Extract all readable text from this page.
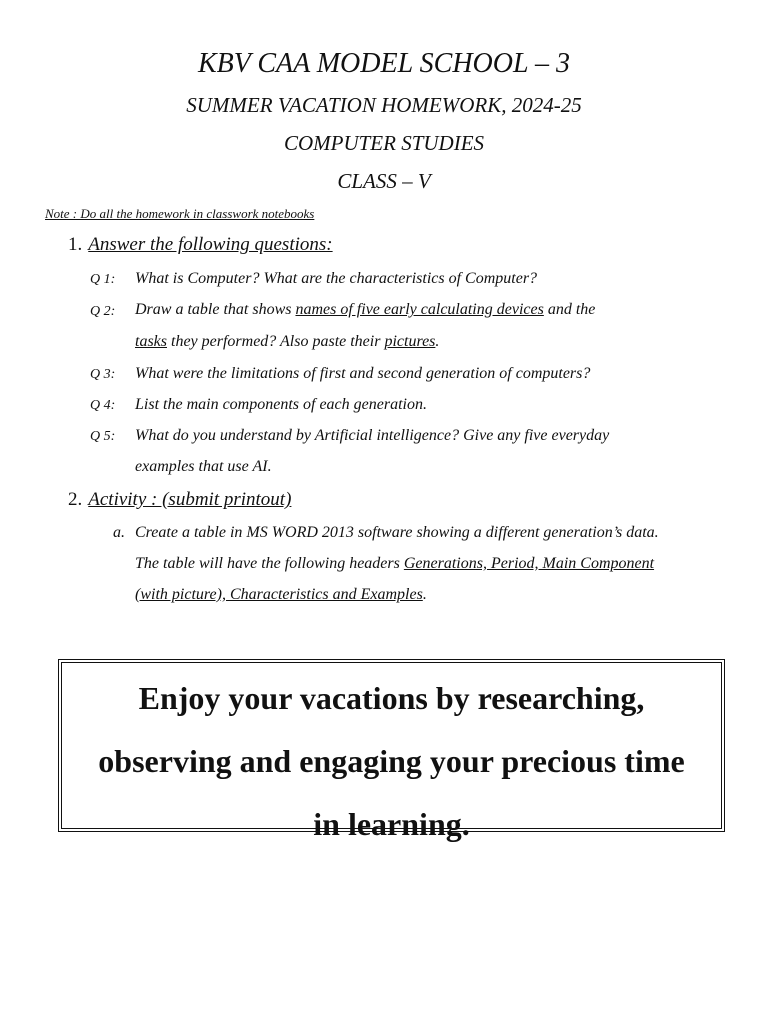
KBV CAA MODEL SCHOOL – 3
SUMMER VACATION HOMEWORK, 2024-25
COMPUTER STUDIES
CLASS – V
Note : Do all the homework in classwork notebooks
1. Answer the following questions:
Q 1: What is Computer? What are the characteristics of Computer?
Q 2: Draw a table that shows names of five early calculating devices and the
tasks they performed? Also paste their pictures.
Q 3: What were the limitations of first and second generation of computers?
Q 4: List the main components of each generation.
Q 5: What do you understand by Artificial intelligence? Give any five everyday
examples that use AI.
2. Activity : (submit printout)
a. Create a table in MS WORD 2013 software showing a different generation’s data.
The table will have the following headers Generations, Period, Main Component
(with picture), Characteristics and Examples.
Enjoy your vacations by researching,
observing and engaging your precious time
in learning.
